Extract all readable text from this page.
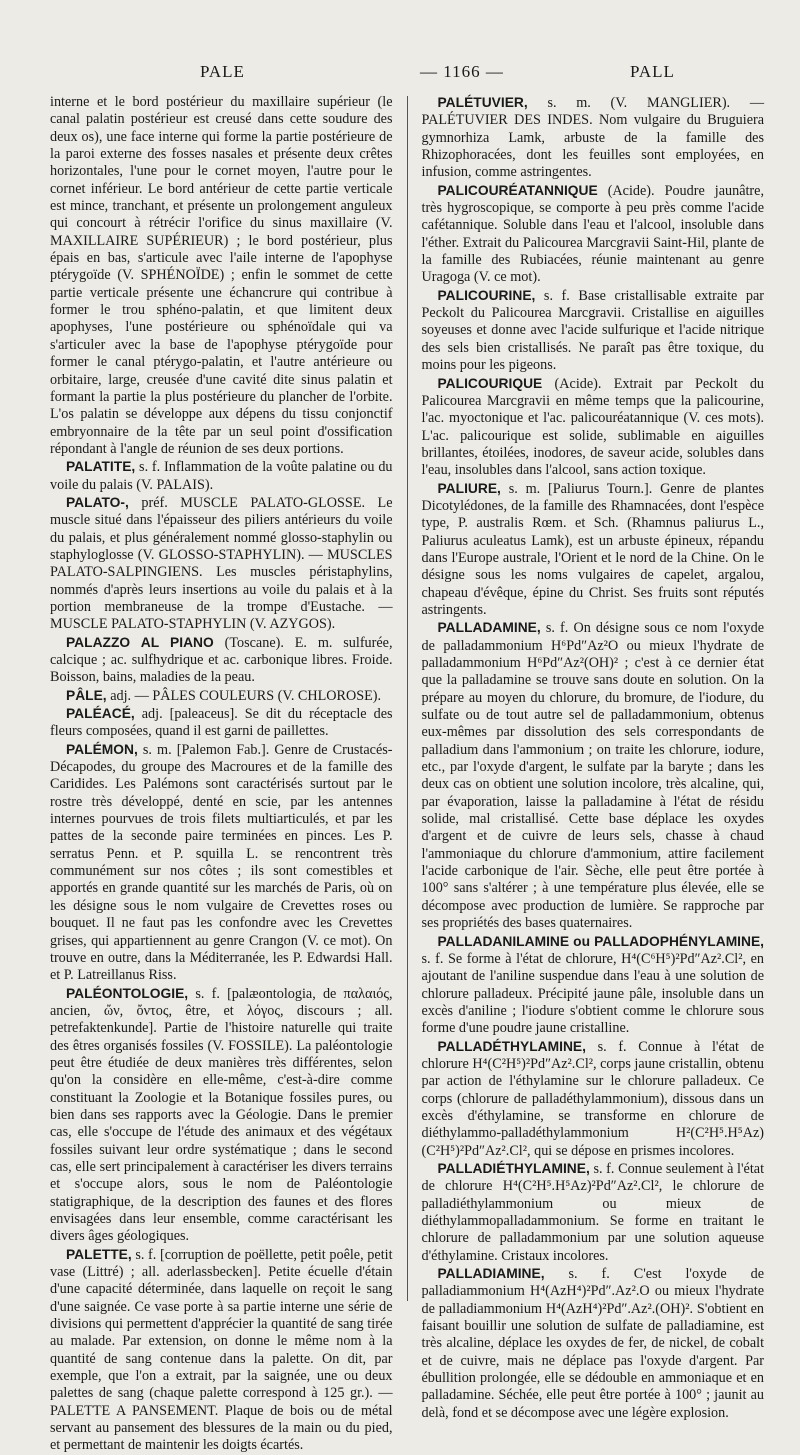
PALE	— 1166 —	PALL

interne et le bord postérieur du maxillaire supérieur (le canal palatin postérieur est creusé dans cette soudure des deux os), une face interne qui forme la partie postérieure de la paroi externe des fosses nasales et présente deux crêtes horizontales, l'une pour le cornet moyen, l'autre pour le cornet inférieur. Le bord antérieur de cette partie verticale est mince, tranchant, et présente un prolongement anguleux qui concourt à rétrécir l'orifice du sinus maxillaire (V. MAXILLAIRE SUPÉRIEUR) ; le bord postérieur, plus épais en bas, s'articule avec l'aile interne de l'apophyse ptérygoïde (V. SPHÉNOÏDE) ; enfin le sommet de cette partie verticale présente une échancrure qui contribue à former le trou sphéno-palatin, et que limitent deux apophyses, l'une postérieure ou sphénoïdale qui va s'articuler avec la base de l'apophyse ptérygoïde pour former le canal ptérygo-palatin, et l'autre antérieure ou orbitaire, large, creusée d'une cavité dite sinus palatin et formant la partie la plus postérieure du plancher de l'orbite. L'os palatin se développe aux dépens du tissu conjonctif embryonnaire de la tête par un seul point d'ossification répondant à l'angle de réunion de ses deux portions.

PALATITE, s. f. Inflammation de la voûte palatine ou du voile du palais (V. PALAIS).

PALATO-, préf. MUSCLE PALATO-GLOSSE. Le muscle situé dans l'épaisseur des piliers antérieurs du voile du palais, et plus généralement nommé glosso-staphylin ou staphyloglosse (V. GLOSSO-STAPHYLIN). — MUSCLES PALATO-SALPINGIENS. Les muscles péristaphylins, nommés d'après leurs insertions au voile du palais et à la portion membraneuse de la trompe d'Eustache. — MUSCLE PALATO-STAPHYLIN (V. AZYGOS).

PALAZZO AL PIANO (Toscane). E. m. sulfurée, calcique ; ac. sulfhydrique et ac. carbonique libres. Froide. Boisson, bains, maladies de la peau.

PÂLE, adj. — PÂLES COULEURS (V. CHLOROSE).

PALÉACÉ, adj. [paleaceus]. Se dit du réceptacle des fleurs composées, quand il est garni de paillettes.

PALÉMON, s. m. [Palemon Fab.]. Genre de Crustacés-Décapodes, du groupe des Macroures et de la famille des Caridides. Les Palémons sont caractérisés surtout par le rostre très développé, denté en scie, par les antennes internes pourvues de trois filets multiarticulés, et par les pattes de la seconde paire terminées en pinces. Les P. serratus Penn. et P. squilla L. se rencontrent très communément sur nos côtes ; ils sont comestibles et apportés en grande quantité sur les marchés de Paris, où on les désigne sous le nom vulgaire de Crevettes roses ou bouquet. Il ne faut pas les confondre avec les Crevettes grises, qui appartiennent au genre Crangon (V. ce mot). On trouve en outre, dans la Méditerranée, les P. Edwardsi Hall. et P. Latreillanus Riss.

PALÉONTOLOGIE, s. f. [palæontologia, de παλαιός, ancien, ὤν, ὄντος, être, et λόγος, discours ; all. petrefaktenkunde]. Partie de l'histoire naturelle qui traite des êtres organisés fossiles (V. FOSSILE). La paléontologie peut être étudiée de deux manières très différentes, selon qu'on la considère en elle-même, c'est-à-dire comme constituant la Zoologie et la Botanique fossiles pures, ou bien dans ses rapports avec la Géologie. Dans le premier cas, elle s'occupe de l'étude des animaux et des végétaux fossiles suivant leur ordre systématique ; dans le second cas, elle sert principalement à caractériser les divers terrains et s'occupe alors, sous le nom de Paléontologie statigraphique, de la description des faunes et des flores envisagées dans leur ensemble, comme caractérisant les divers âges géologiques.

PALETTE, s. f. [corruption de poëllette, petit poêle, petit vase (Littré) ; all. aderlassbecken]. Petite écuelle d'étain d'une capacité déterminée, dans laquelle on reçoit le sang d'une saignée. Ce vase porte à sa partie interne une série de divisions qui permettent d'apprécier la quantité de sang tirée au malade. Par extension, on donne le même nom à la quantité de sang contenue dans la palette. On dit, par exemple, que l'on a extrait, par la saignée, une ou deux palettes de sang (chaque palette correspond à 125 gr.). — PALETTE A PANSEMENT. Plaque de bois ou de métal servant au pansement des blessures de la main ou du pied, et permettant de maintenir les doigts écartés.

PALÉTUVIER, s. m. (V. MANGLIER). — PALÉTUVIER DES INDES. Nom vulgaire du Bruguiera gymnorhiza Lamk, arbuste de la famille des Rhizophoracées, dont les feuilles sont employées, en infusion, comme astringentes.

PALICOURÉATANNIQUE (Acide). Poudre jaunâtre, très hygroscopique, se comporte à peu près comme l'acide cafétannique. Soluble dans l'eau et l'alcool, insoluble dans l'éther. Extrait du Palicourea Marcgravii Saint-Hil, plante de la famille des Rubiacées, réunie maintenant au genre Uragoga (V. ce mot).

PALICOURINE, s. f. Base cristallisable extraite par Peckolt du Palicourea Marcgravii. Cristallise en aiguilles soyeuses et donne avec l'acide sulfurique et l'acide nitrique des sels bien cristallisés. Ne paraît pas être toxique, du moins pour les pigeons.

PALICOURIQUE (Acide). Extrait par Peckolt du Palicourea Marcgravii en même temps que la palicourine, l'ac. myoctonique et l'ac. palicouréatannique (V. ces mots). L'ac. palicourique est solide, sublimable en aiguilles brillantes, étoilées, inodores, de saveur acide, solubles dans l'eau, insolubles dans l'alcool, sans action toxique.

PALIURE, s. m. [Paliurus Tourn.]. Genre de plantes Dicotylédones, de la famille des Rhamnacées, dont l'espèce type, P. australis Rœm. et Sch. (Rhamnus paliurus L., Paliurus aculeatus Lamk), est un arbuste épineux, répandu dans l'Europe australe, l'Orient et le nord de la Chine. On le désigne sous les noms vulgaires de capelet, argalou, chapeau d'évêque, épine du Christ. Ses fruits sont réputés astringents.

PALLADAMINE, s. f. On désigne sous ce nom l'oxyde de palladammonium H⁶Pd″Az²O ou mieux l'hydrate de palladammonium H⁶Pd″Az²(OH)² ; c'est à ce dernier état que la palladamine se trouve sans doute en solution. On la prépare au moyen du chlorure, du bromure, de l'iodure, du sulfate ou de tout autre sel de palladammonium, obtenus eux-mêmes par dissolution des sels correspondants de palladium dans l'ammonium ; on traite les chlorure, iodure, etc., par l'oxyde d'argent, le sulfate par la baryte ; dans les deux cas on obtient une solution incolore, très alcaline, qui, par évaporation, laisse la palladamine à l'état de résidu solide, mal cristallisé. Cette base déplace les oxydes d'argent et de cuivre de leurs sels, chasse à chaud l'ammoniaque du chlorure d'ammonium, attire facilement l'acide carbonique de l'air. Sèche, elle peut être portée à 100° sans s'altérer ; à une température plus élevée, elle se décompose avec production de lumière. Se rapproche par ses propriétés des bases quaternaires.

PALLADANILAMINE ou PALLADOPHÉNYLAMINE, s. f. Se forme à l'état de chlorure, H⁴(C⁶H⁵)²Pd″Az².Cl², en ajoutant de l'aniline suspendue dans l'eau à une solution de chlorure palladeux. Précipité jaune pâle, insoluble dans un excès d'aniline ; l'iodure s'obtient comme le chlorure sous forme d'une poudre jaune cristalline.

PALLADÉTHYLAMINE, s. f. Connue à l'état de chlorure H⁴(C²H⁵)²Pd″Az².Cl², corps jaune cristallin, obtenu par action de l'éthylamine sur le chlorure palladeux. Ce corps (chlorure de palladéthylammonium), dissous dans un excès d'éthylamine, se transforme en chlorure de diéthylammo-palladéthylammonium H²(C²H⁵.H⁵Az)(C²H⁵)²Pd″Az².Cl², qui se dépose en prismes incolores.

PALLADIÉTHYLAMINE, s. f. Connue seulement à l'état de chlorure H⁴(C²H⁵.H⁵Az)²Pd″Az².Cl², le chlorure de palladiéthylammonium ou mieux de diéthylammopalladammonium. Se forme en traitant le chlorure de palladammonium par une solution aqueuse d'éthylamine. Cristaux incolores.

PALLADIAMINE, s. f. C'est l'oxyde de palladiammonium H⁴(AzH⁴)²Pd″.Az².O ou mieux l'hydrate de palladiammonium H⁴(AzH⁴)²Pd″.Az².(OH)². S'obtient en faisant bouillir une solution de sulfate de palladiamine, est très alcaline, déplace les oxydes de fer, de nickel, de cobalt et de cuivre, mais ne déplace pas l'oxyde d'argent. Par ébullition prolongée, elle se dédouble en ammoniaque et en palladamine. Séchée, elle peut être portée à 100° ; jaunit au delà, fond et se décompose avec une légère explosion.
